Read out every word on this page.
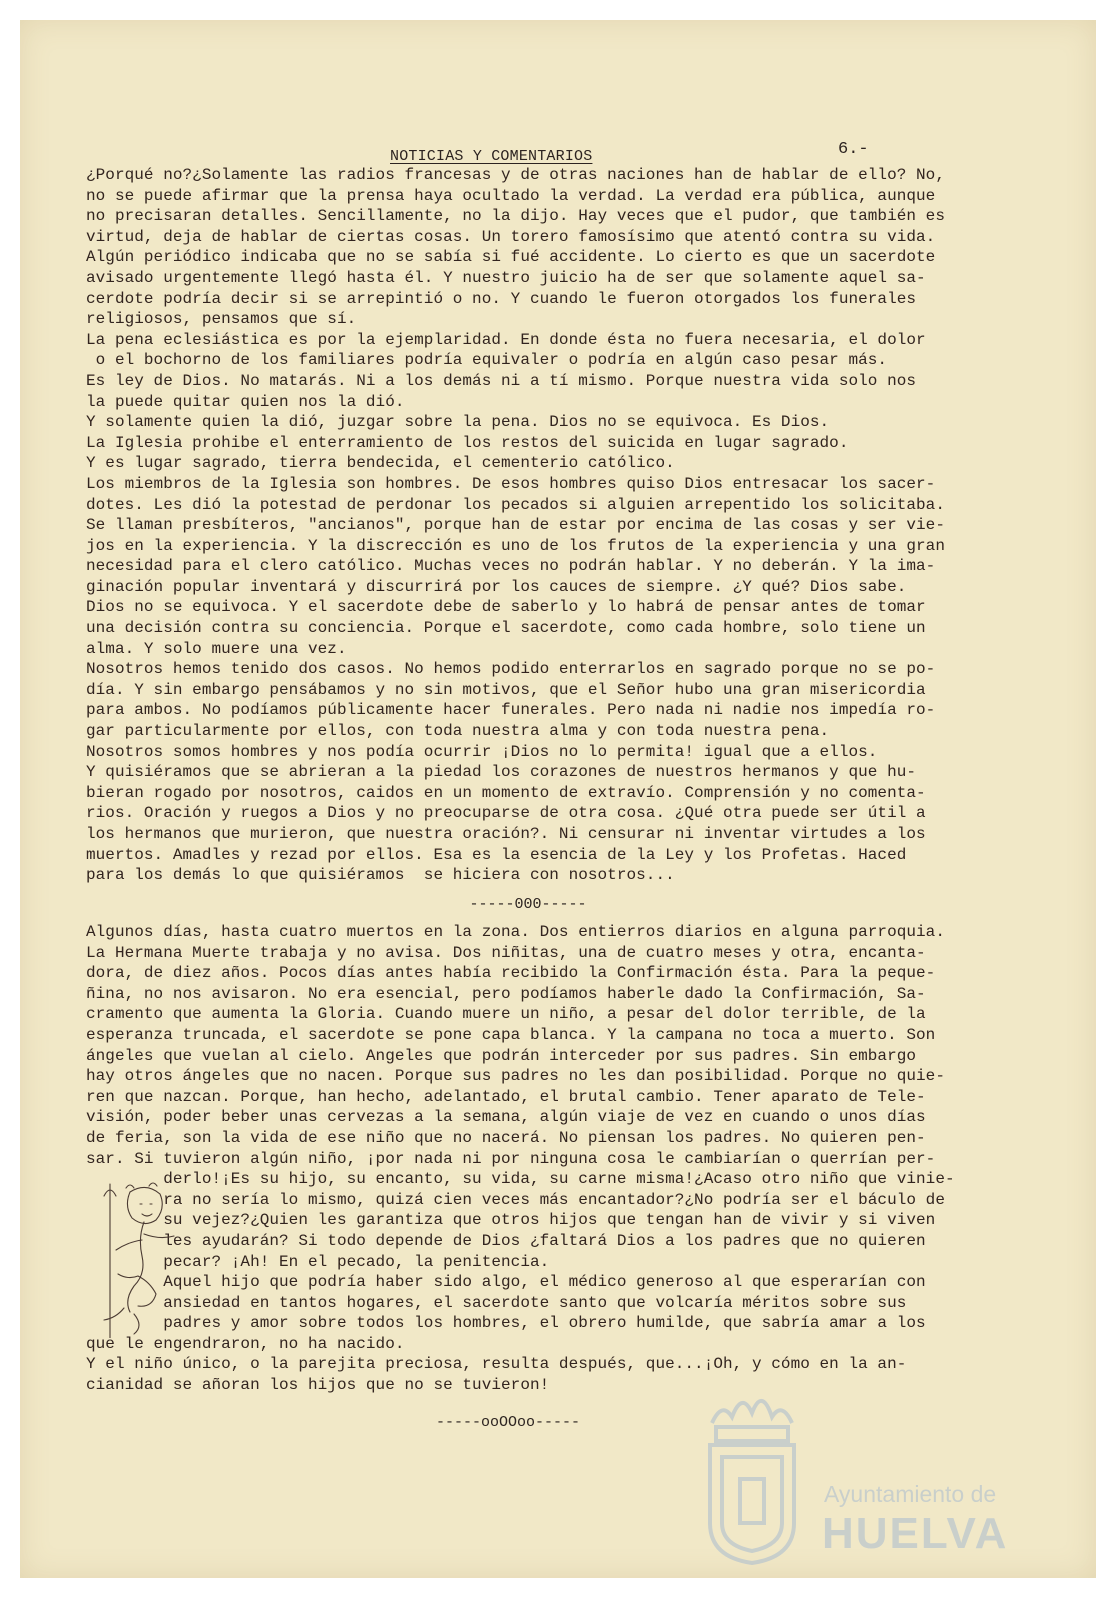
NOTICIAS Y COMENTARIOS	6.-
¿Porqué no?¿Solamente las radios francesas y de otras naciones han de hablar de ello? No,
no se puede afirmar que la prensa haya ocultado la verdad. La verdad era pública, aunque
no precisaran detalles. Sencillamente, no la dijo. Hay veces que el pudor, que también es
virtud, deja de hablar de ciertas cosas. Un torero famosísimo que atentó contra su vida.
Algún periódico indicaba que no se sabía si fué accidente. Lo cierto es que un sacerdote
avisado urgentemente llegó hasta él. Y nuestro juicio ha de ser que solamente aquel sa-
cerdote podría decir si se arrepintió o no. Y cuando le fueron otorgados los funerales
religiosos, pensamos que sí.
La pena eclesiástica es por la ejemplaridad. En donde ésta no fuera necesaria, el dolor
o el bochorno de los familiares podría equivaler o podría en algún caso pesar más.
Es ley de Dios. No matarás. Ni a los demás ni a tí mismo. Porque nuestra vida solo nos
la puede quitar quien nos la dió.
Y solamente quien la dió, juzgar sobre la pena. Dios no se equivoca. Es Dios.
La Iglesia prohibe el enterramiento de los restos del suicida en lugar sagrado.
Y es lugar sagrado, tierra bendecida, el cementerio católico.
Los miembros de la Iglesia son hombres. De esos hombres quiso Dios entresacar los sacer-
dotes. Les dió la potestad de perdonar los pecados si alguien arrepentido los solicitaba.
Se llaman presbíteros, "ancianos", porque han de estar por encima de las cosas y ser vie-
jos en la experiencia. Y la discrección es uno de los frutos de la experiencia y una gran
necesidad para el clero católico. Muchas veces no podrán hablar. Y no deberán. Y la ima-
ginación popular inventará y discurrirá por los cauces de siempre. ¿Y qué? Dios sabe.
Dios no se equivoca. Y el sacerdote debe de saberlo y lo habrá de pensar antes de tomar
una decisión contra su conciencia. Porque el sacerdote, como cada hombre, solo tiene un
alma. Y solo muere una vez.
Nosotros hemos tenido dos casos. No hemos podido enterrarlos en sagrado porque no se po-
día. Y sin embargo pensábamos y no sin motivos, que el Señor hubo una gran misericordia
para ambos. No podíamos públicamente hacer funerales. Pero nada ni nadie nos impedía ro-
gar particularmente por ellos, con toda nuestra alma y con toda nuestra pena.
Nosotros somos hombres y nos podía ocurrir ¡Dios no lo permita! igual que a ellos.
Y quisiéramos que se abrieran a la piedad los corazones de nuestros hermanos y que hu-
bieran rogado por nosotros, caidos en un momento de extravío. Comprensión y no comenta-
rios. Oración y ruegos a Dios y no preocuparse de otra cosa. ¿Qué otra puede ser útil a
los hermanos que murieron, que nuestra oración?. Ni censurar ni inventar virtudes a los
muertos. Amadles y rezad por ellos. Esa es la esencia de la Ley y los Profetas. Haced
para los demás lo que quisiéramos  se hiciera con nosotros...
-----000-----
Algunos días, hasta cuatro muertos en la zona. Dos entierros diarios en alguna parroquia.
La Hermana Muerte trabaja y no avisa. Dos niñitas, una de cuatro meses y otra, encanta-
dora, de diez años. Pocos días antes había recibido la Confirmación ésta. Para la peque-
ñina, no nos avisaron. No era esencial, pero podíamos haberle dado la Confirmación, Sa-
cramento que aumenta la Gloria. Cuando muere un niño, a pesar del dolor terrible, de la
esperanza truncada, el sacerdote se pone capa blanca. Y la campana no toca a muerto. Son
ángeles que vuelan al cielo. Angeles que podrán interceder por sus padres. Sin embargo
hay otros ángeles que no nacen. Porque sus padres no les dan posibilidad. Porque no quie-
ren que nazcan. Porque, han hecho, adelantado, el brutal cambio. Tener aparato de Tele-
visión, poder beber unas cervezas a la semana, algún viaje de vez en cuando o unos días
de feria, son la vida de ese niño que no nacerá. No piensan los padres. No quieren pen-
sar. Si tuvieron algún niño, ¡por nada ni por ninguna cosa le cambiarían o querrían per-
derlo!¡Es su hijo, su encanto, su vida, su carne misma!¿Acaso otro niño que vinie-
ra no sería lo mismo, quizá cien veces más encantador?¿No podría ser el báculo de
su vejez?¿Quien les garantiza que otros hijos que tengan han de vivir y si viven
les ayudarán? Si todo depende de Dios ¿faltará Dios a los padres que no quieren
pecar? ¡Ah! En el pecado, la penitencia.
Aquel hijo que podría haber sido algo, el médico generoso al que esperarían con
ansiedad en tantos hogares, el sacerdote santo que volcaría méritos sobre sus
padres y amor sobre todos los hombres, el obrero humilde, que sabría amar a los
que le engendraron, no ha nacido.
Y el niño único, o la parejita preciosa, resulta después, que...¡Oh, y cómo en la an-
cianidad se añoran los hijos que no se tuvieron!
-----ooOOoo-----
Ayuntamiento de
HUELVA
